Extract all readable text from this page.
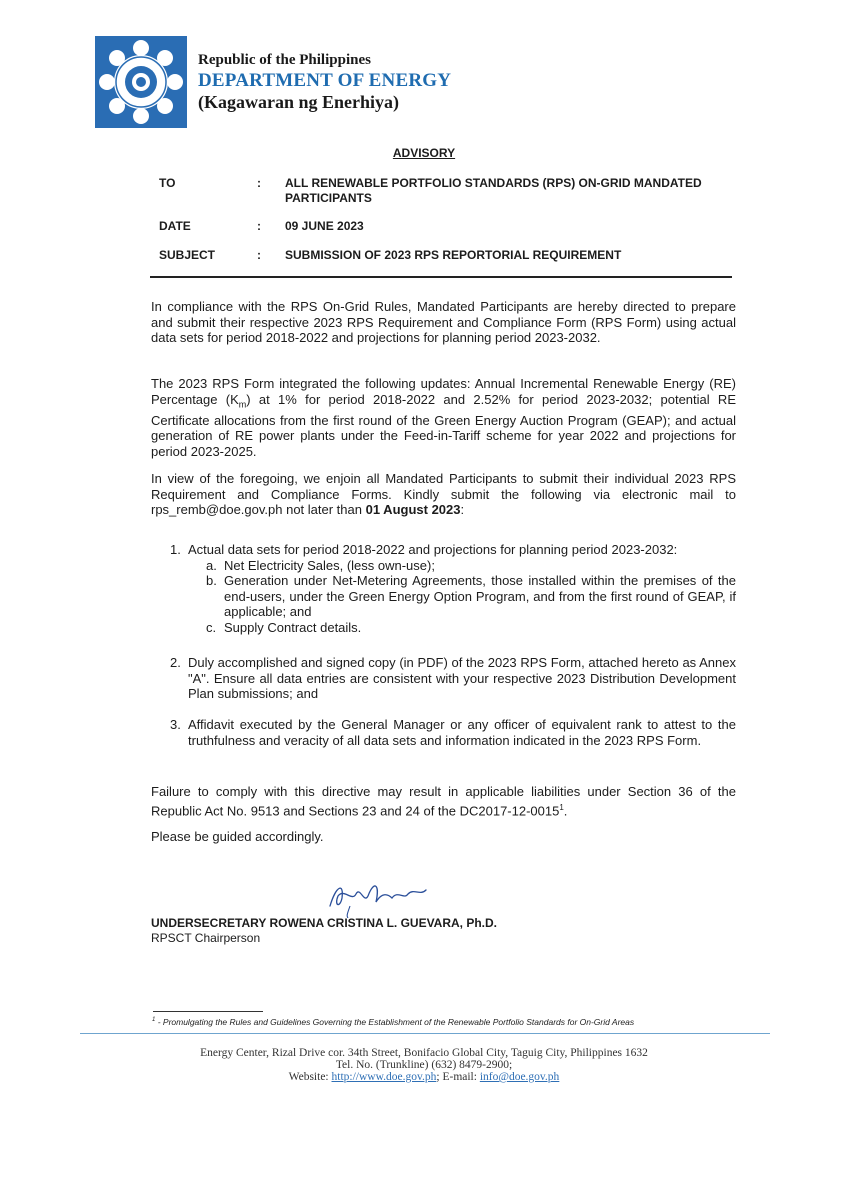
Republic of the Philippines
DEPARTMENT OF ENERGY
(Kagawaran ng Enerhiya)
ADVISORY
TO	: ALL RENEWABLE PORTFOLIO STANDARDS (RPS) ON-GRID MANDATED PARTICIPANTS
DATE	: 09 JUNE 2023
SUBJECT	: SUBMISSION OF 2023 RPS REPORTORIAL REQUIREMENT

In compliance with the RPS On-Grid Rules, Mandated Participants are hereby directed to prepare and submit their respective 2023 RPS Requirement and Compliance Form (RPS Form) using actual data sets for period 2018-2022 and projections for planning period 2023-2032.

The 2023 RPS Form integrated the following updates: Annual Incremental Renewable Energy (RE) Percentage $(K_m)$ at 1% for period 2018-2022 and 2.52% for period 2023-2032; potential RE Certificate allocations from the first round of the Green Energy Auction Program (GEAP); and actual generation of RE power plants under the Feed-in-Tariff scheme for year 2022 and projections for period 2023-2025.

In view of the foregoing, we enjoin all Mandated Participants to submit their individual 2023 RPS Requirement and Compliance Forms. Kindly submit the following via electronic mail to rps_remb@doe.gov.ph not later than 01 August 2023:

1. Actual data sets for period 2018-2022 and projections for planning period 2023-2032:
a. Net Electricity Sales, (less own-use);
b. Generation under Net-Metering Agreements, those installed within the premises of the end-users, under the Green Energy Option Program, and from the first round of GEAP, if applicable; and
c. Supply Contract details.
2. Duly accomplished and signed copy (in PDF) of the 2023 RPS Form, attached hereto as Annex "A". Ensure all data entries are consistent with your respective 2023 Distribution Development Plan submissions; and
3. Affidavit executed by the General Manager or any officer of equivalent rank to attest to the truthfulness and veracity of all data sets and information indicated in the 2023 RPS Form.

Failure to comply with this directive may result in applicable liabilities under Section 36 of the Republic Act No. 9513 and Sections 23 and 24 of the DC2017-12-0015$^1$.

Please be guided accordingly.

UNDERSECRETARY ROWENA CRISTINA L. GUEVARA, Ph.D.
RPSCT Chairperson
$^1$ - Promulgating the Rules and Guidelines Governing the Establishment of the Renewable Portfolio Standards for On-Grid Areas
Energy Center, Rizal Drive cor. 34th Street, Bonifacio Global City, Taguig City, Philippines 1632
Tel. No. (Trunkline) (632) 8479-2900;
Website: http://www.doe.gov.ph; E-mail: info@doe.gov.ph
